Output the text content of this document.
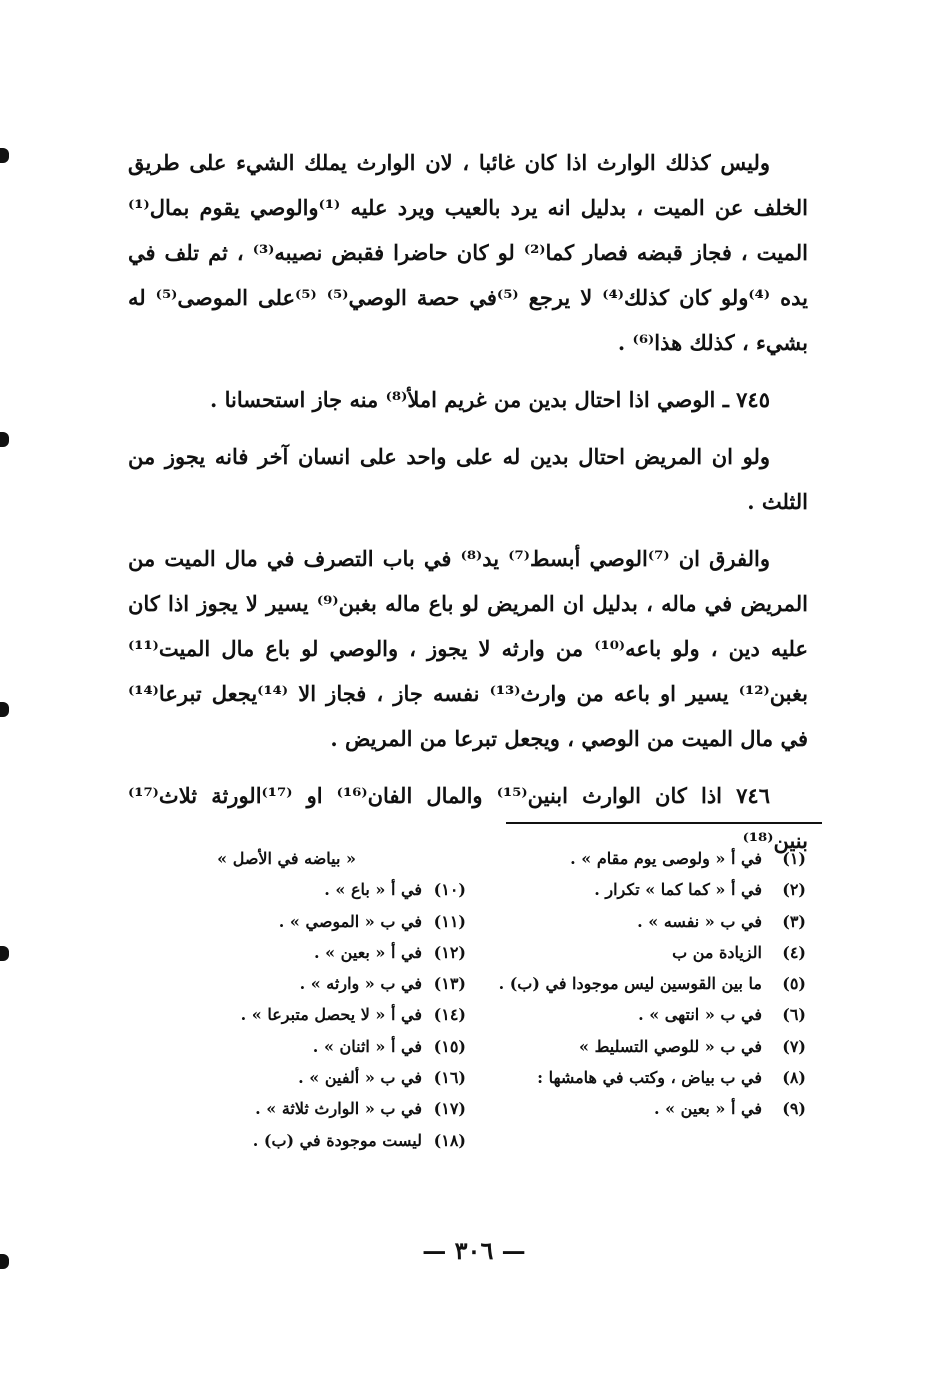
وليس كذلك الوارث اذا كان غائبا ، لان الوارث يملك الشيء على طريق الخلف عن الميت ، بدليل انه يرد بالعيب ويرد عليه ⁽¹⁾والوصي يقوم بمال⁽¹⁾ الميت ، فجاز قبضه فصار كما⁽²⁾ لو كان حاضرا فقبض نصيبه⁽³⁾ ، ثم تلف في يده ⁽⁴⁾ولو كان كذلك⁽⁴⁾ لا يرجع ⁽⁵⁾في حصة الوصي⁽⁵⁾ ⁽⁵⁾على الموصى⁽⁵⁾ له بشيء ، كذلك هذا⁽⁶⁾ .

٧٤٥ ـ الوصي اذا احتال بدين من غريم املأ⁽⁸⁾ منه جاز استحسانا .

ولو ان المريض احتال بدين له على واحد على انسان آخر فانه يجوز من الثلث .

والفرق ان ⁽⁷⁾الوصي أبسط⁽⁷⁾ يد⁽⁸⁾ في باب التصرف في مال الميت من المريض في ماله ، بدليل ان المريض لو باع ماله بغبن⁽⁹⁾ يسير لا يجوز اذا كان عليه دين ، ولو باعه⁽¹⁰⁾ من وارثه لا يجوز ، والوصي لو باع مال الميت⁽¹¹⁾ بغبن⁽¹²⁾ يسير او باعه من وارث⁽¹³⁾ نفسه جاز ، فجاز الا ⁽¹⁴⁾يجعل تبرعا⁽¹⁴⁾ في مال الميت من الوصي ، ويجعل تبرعا من المريض .

٧٤٦ اذا كان الوارث ابنين⁽¹⁵⁾ والمال الفان⁽¹⁶⁾ او ⁽¹⁷⁾الورثة ثلاث⁽¹⁷⁾ بنين⁽¹⁸⁾

(١)
في أ « ولوصى يوم مقام » .
(٢)
في أ « كما كما » تكرار .
(٣)
في ب « نفسه » .
(٤)
الزيادة من ب
(٥)
ما بين القوسين ليس موجودا في (ب) .
(٦)
في ب « انتهى » .
(٧)
في ب « للوصي التسليط »
(٨)
في ب بياض ، وكتب في هامشها :
(٩)
في أ « بعين » .
« بياضه في الأصل »
(١٠)
في أ « باع » .
(١١)
في ب « الموصي » .
(١٢)
في أ « بعين » .
(١٣)
في ب « وارثه » .
(١٤)
في أ « لا يحصل متبرعا » .
(١٥)
في أ « اثنان » .
(١٦)
في ب « ألفين » .
(١٧)
في ب « الوارث ثلاثة » .
(١٨)
ليست موجودة في (ب) .
— ٣٠٦ —
